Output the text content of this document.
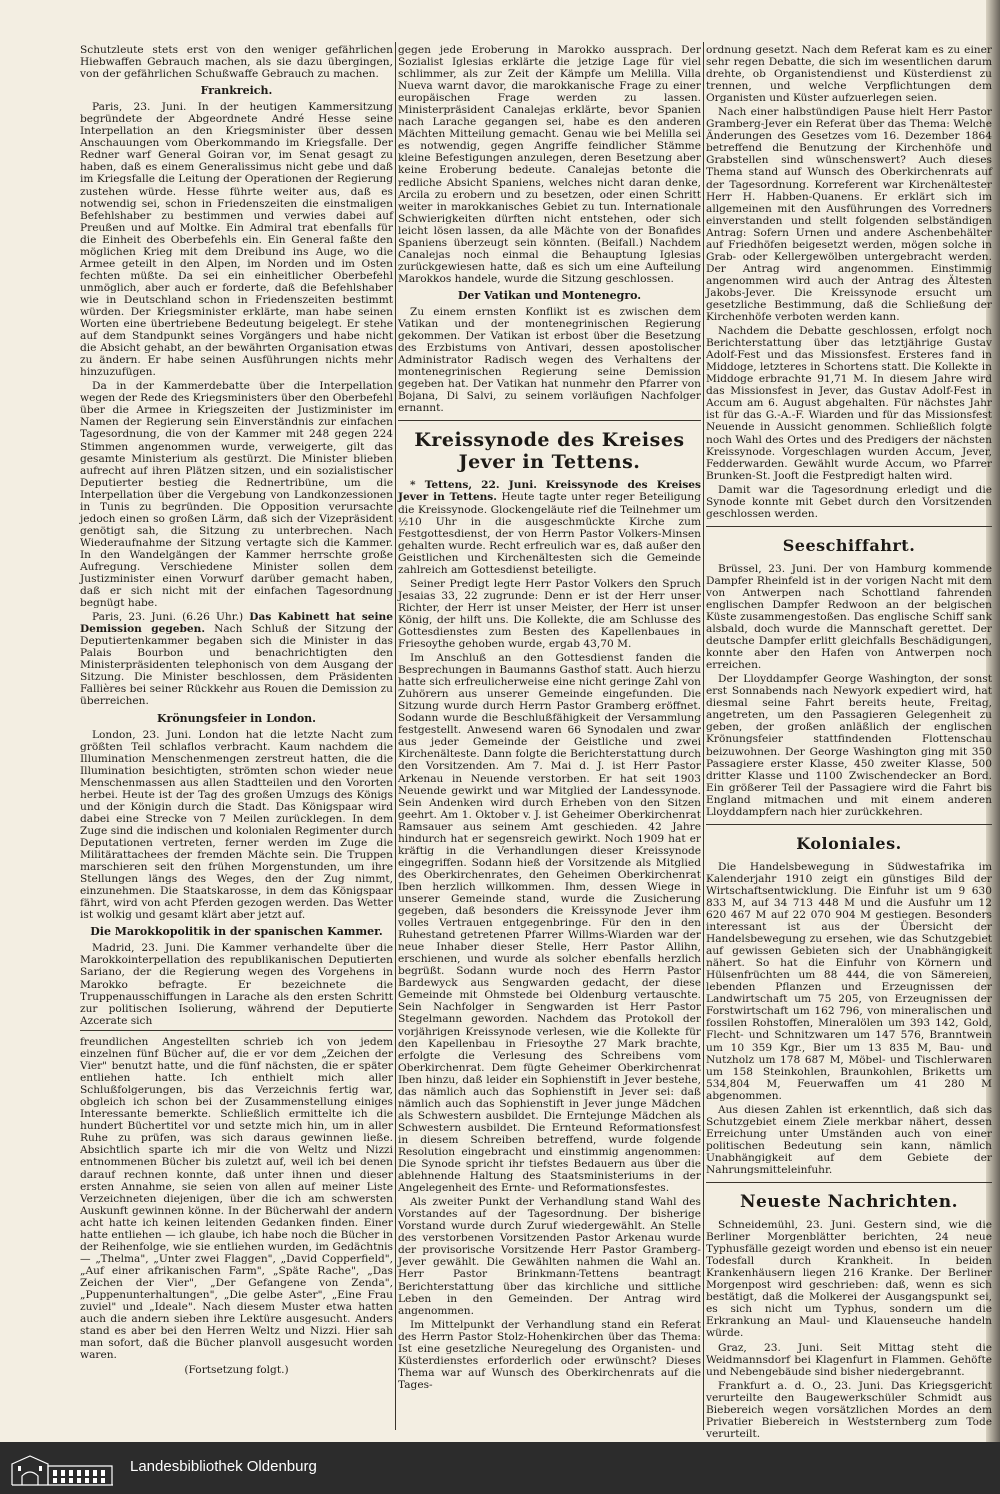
Schutzleute stets erst von den weniger gefährlichen Hiebwaffen Gebrauch machen, als sie dazu übergingen, von der gefährlichen Schußwaffe Gebrauch zu machen.

Frankreich.

Paris, 23. Juni. In der heutigen Kammersitzung begründete der Abgeordnete André Hesse seine Interpellation an den Kriegsminister über dessen Anschauungen vom Oberkommando im Kriegsfalle. Der Redner warf General Goiran vor, im Senat gesagt zu haben, daß es einem Generalissimus nicht gebe und daß im Kriegsfalle die Leitung der Operationen der Regierung zustehen würde. Hesse führte weiter aus, daß es notwendig sei, schon in Friedenszeiten die einstmaligen Befehlshaber zu bestimmen und verwies dabei auf Preußen und auf Moltke. Ein Admiral trat ebenfalls für die Einheit des Oberbefehls ein. Ein General faßte den möglichen Krieg mit dem Dreibund ins Auge, wo die Armee geteilt in den Alpen, im Norden und im Osten fechten müßte. Da sei ein einheitlicher Oberbefehl unmöglich, aber auch er forderte, daß die Befehlshaber wie in Deutschland schon in Friedenszeiten bestimmt würden. Der Kriegsminister erklärte, man habe seinen Worten eine übertriebene Bedeutung beigelegt. Er stehe auf dem Standpunkt seines Vorgängers und habe nicht die Absicht gehabt, an der bewährten Organisation etwas zu ändern. Er habe seinen Ausführungen nichts mehr hinzuzufügen.

Da in der Kammerdebatte über die Interpellation wegen der Rede des Kriegsministers über den Oberbefehl über die Armee in Kriegszeiten der Justizminister im Namen der Regierung sein Einverständnis zur einfachen Tagesordnung, die von der Kammer mit 248 gegen 224 Stimmen angenommen wurde, verweigerte, gilt das gesamte Ministerium als gestürzt. Die Minister blieben aufrecht auf ihren Plätzen sitzen, und ein sozialistischer Deputierter bestieg die Rednertribüne, um die Interpellation über die Vergebung von Landkonzessionen in Tunis zu begründen. Die Opposition verursachte jedoch einen so großen Lärm, daß sich der Vizepräsident genötigt sah, die Sitzung zu unterbrechen. Nach Wiederaufnahme der Sitzung vertagte sich die Kammer. In den Wandelgängen der Kammer herrschte große Aufregung. Verschiedene Minister sollen dem Justizminister einen Vorwurf darüber gemacht haben, daß er sich nicht mit der einfachen Tagesordnung begnügt habe.

Paris, 23. Juni. (6.26 Uhr.) Das Kabinett hat seine Demission gegeben. Nach Schluß der Sitzung der Deputiertenkammer begaben sich die Minister in das Palais Bourbon und benachrichtigten den Ministerpräsidenten telephonisch von dem Ausgang der Sitzung. Die Minister beschlossen, dem Präsidenten Fallières bei seiner Rückkehr aus Rouen die Demission zu überreichen.

Krönungsfeier in London.

London, 23. Juni. London hat die letzte Nacht zum größten Teil schlaflos verbracht. Kaum nachdem die Illumination Menschenmengen zerstreut hatten, die die Illumination besichtigten, strömten schon wieder neue Menschenmassen aus allen Stadtteilen und den Vororten herbei. Heute ist der Tag des großen Umzugs des Königs und der Königin durch die Stadt. Das Königspaar wird dabei eine Strecke von 7 Meilen zurücklegen. In dem Zuge sind die indischen und kolonialen Regimenter durch Deputationen vertreten, ferner werden im Zuge die Militärattachees der fremden Mächte sein. Die Truppen marschieren seit den frühen Morgenstunden, um ihre Stellungen längs des Weges, den der Zug nimmt, einzunehmen. Die Staatskarosse, in dem das Königspaar fährt, wird von acht Pferden gezogen werden. Das Wetter ist wolkig und gesamt klärt aber jetzt auf.

Die Marokkopolitik in der spanischen Kammer.

Madrid, 23. Juni. Die Kammer verhandelte über die Marokkointerpellation des republikanischen Deputierten Sariano, der die Regierung wegen des Vorgehens in Marokko befragte. Er bezeichnete die Truppenausschiffungen in Larache als den ersten Schritt zur politischen Isolierung, während der Deputierte Azcerate sich

freundlichen Angestellten schrieb ich von jedem einzelnen fünf Bücher auf, die er vor dem „Zeichen der Vier" benutzt hatte, und die fünf nächsten, die er später entliehen hatte. Ich enthielt mich aller Schlußfolgerungen, bis das Verzeichnis fertig war, obgleich ich schon bei der Zusammenstellung einiges Interessante bemerkte. Schließlich ermittelte ich die hundert Büchertitel vor und setzte mich hin, um in aller Ruhe zu prüfen, was sich daraus gewinnen ließe. Absichtlich sparte ich mir die von Weltz und Nizzi entnommenen Bücher bis zuletzt auf, weil ich bei denen darauf rechnen konnte, daß unter ihnen und dieser ersten Annahme, sie seien von allen auf meiner Liste Verzeichneten diejenigen, über die ich am schwersten Auskunft gewinnen könne. In der Bücherwahl der andern acht hatte ich keinen leitenden Gedanken finden. Einer hatte entliehen — ich glaube, ich habe noch die Bücher in der Reihenfolge, wie sie entliehen wurden, im Gedächtnis — „Thelma", „Unter zwei Flaggen", „David Copperfield", „Auf einer afrikanischen Farm", „Späte Rache", „Das Zeichen der Vier", „Der Gefangene von Zenda", „Puppenunterhaltungen", „Die gelbe Aster", „Eine Frau zuviel" und „Ideale". Nach diesem Muster etwa hatten auch die andern sieben ihre Lektüre ausgesucht. Anders stand es aber bei den Herren Weltz und Nizzi. Hier sah man sofort, daß die Bücher planvoll ausgesucht worden waren.

(Fortsetzung folgt.)

gegen jede Eroberung in Marokko aussprach. Der Sozialist Iglesias erklärte die jetzige Lage für viel schlimmer, als zur Zeit der Kämpfe um Melilla. Villa Nueva warnt davor, die marokkanische Frage zu einer europäischen Frage werden zu lassen. Ministerpräsident Canalejas erklärte, bevor Spanien nach Larache gegangen sei, habe es den anderen Mächten Mitteilung gemacht. Genau wie bei Melilla sei es notwendig, gegen Angriffe feindlicher Stämme kleine Befestigungen anzulegen, deren Besetzung aber keine Eroberung bedeute. Canalejas betonte die redliche Absicht Spaniens, welches nicht daran denke, Arcila zu erobern und zu besetzen, oder einen Schritt weiter in marokkanisches Gebiet zu tun. Internationale Schwierigkeiten dürften nicht entstehen, oder sich leicht lösen lassen, da alle Mächte von der Bonafides Spaniens überzeugt sein könnten. (Beifall.) Nachdem Canalejas noch einmal die Behauptung Iglesias zurückgewiesen hatte, daß es sich um eine Aufteilung Marokkos handele, wurde die Sitzung geschlossen.

Der Vatikan und Montenegro.

Zu einem ernsten Konflikt ist es zwischen dem Vatikan und der montenegrinischen Regierung gekommen. Der Vatikan ist erbost über die Besetzung des Erzbistums von Antivari, dessen apostolischer Administrator Radisch wegen des Verhaltens der montenegrinischen Regierung seine Demission gegeben hat. Der Vatikan hat nunmehr den Pfarrer von Bojana, Di Salvi, zu seinem vorläufigen Nachfolger ernannt.

Kreissynode des Kreises Jever in Tettens.

* Tettens, 22. Juni. Kreissynode des Kreises Jever in Tettens. Heute tagte unter reger Beteiligung die Kreissynode. Glockengeläute rief die Teilnehmer um ½10 Uhr in die ausgeschmückte Kirche zum Festgottesdienst, der von Herrn Pastor Volkers-Minsen gehalten wurde. Recht erfreulich war es, daß außer den Geistlichen und Kirchenältesten sich die Gemeinde zahlreich am Gottesdienst beteiligte.

Seiner Predigt legte Herr Pastor Volkers den Spruch Jesaias 33, 22 zugrunde: Denn er ist der Herr unser Richter, der Herr ist unser Meister, der Herr ist unser König, der hilft uns. Die Kollekte, die am Schlusse des Gottesdienstes zum Besten des Kapellenbaues in Friesoythe gehoben wurde, ergab 43,70 M.

Im Anschluß an den Gottesdienst fanden die Besprechungen in Baumanns Gasthof statt. Auch hierzu hatte sich erfreulicherweise eine nicht geringe Zahl von Zuhörern aus unserer Gemeinde eingefunden. Die Sitzung wurde durch Herrn Pastor Gramberg eröffnet. Sodann wurde die Beschlußfähigkeit der Versammlung festgestellt. Anwesend waren 66 Synodalen und zwar aus jeder Gemeinde der Geistliche und zwei Kirchenälteste. Dann folgte die Berichterstattung durch den Vorsitzenden. Am 7. Mai d. J. ist Herr Pastor Arkenau in Neuende verstorben. Er hat seit 1903 Neuende gewirkt und war Mitglied der Landessynode. Sein Andenken wird durch Erheben von den Sitzen geehrt. Am 1. Oktober v. J. ist Geheimer Oberkirchenrat Ramsauer aus seinem Amt geschieden. 42 Jahre hindurch hat er segensreich gewirkt. Noch 1909 hat er kräftig in die Verhandlungen dieser Kreissynode eingegriffen. Sodann hieß der Vorsitzende als Mitglied des Oberkirchenrates, den Geheimen Oberkirchenrat Iben herzlich willkommen. Ihm, dessen Wiege in unserer Gemeinde stand, wurde die Zusicherung gegeben, daß besonders die Kreissynode Jever ihm volles Vertrauen entgegenbringe. Für den in den Ruhestand getretenen Pfarrer Willms-Wiarden war der neue Inhaber dieser Stelle, Herr Pastor Allihn, erschienen, und wurde als solcher ebenfalls herzlich begrüßt. Sodann wurde noch des Herrn Pastor Bardewyck aus Sengwarden gedacht, der diese Gemeinde mit Ohmstede bei Oldenburg vertauschte. Sein Nachfolger in Sengwarden ist Herr Pastor Stegelmann geworden. Nachdem das Protokoll der vorjährigen Kreissynode verlesen, wie die Kollekte für den Kapellenbau in Friesoythe 27 Mark brachte, erfolgte die Verlesung des Schreibens vom Oberkirchenrat. Dem fügte Geheimer Oberkirchenrat Iben hinzu, daß leider ein Sophienstift in Jever bestehe, das nämlich auch das Sophienstift in Jever sei: daß nämlich auch das Sophienstift in Jever junge Mädchen als Schwestern ausbildet. Die Erntejunge Mädchen als Schwestern ausbildet. Die Ernteund Reformationsfest in diesem Schreiben betreffend, wurde folgende Resolution eingebracht und einstimmig angenommen: Die Synode spricht ihr tiefstes Bedauern aus über die ablehnende Haltung des Staatsministeriums in der Angelegenheit des Ernte- und Reformationsfestes.

Als zweiter Punkt der Verhandlung stand Wahl des Vorstandes auf der Tagesordnung. Der bisherige Vorstand wurde durch Zuruf wiedergewählt. An Stelle des verstorbenen Vorsitzenden Pastor Arkenau wurde der provisorische Vorsitzende Herr Pastor Gramberg-Jever gewählt. Die Gewählten nahmen die Wahl an. Herr Pastor Brinkmann-Tettens beantragt Berichterstattung über das kirchliche und sittliche Leben in den Gemeinden. Der Antrag wird angenommen.

Im Mittelpunkt der Verhandlung stand ein Referat des Herrn Pastor Stolz-Hohenkirchen über das Thema: Ist eine gesetzliche Neuregelung des Organisten- und Küsterdienstes erforderlich oder erwünscht? Dieses Thema war auf Wunsch des Oberkirchenrats auf die Tages-

ordnung gesetzt. Nach dem Referat kam es zu einer sehr regen Debatte, die sich im wesentlichen darum drehte, ob Organistendienst und Küsterdienst zu trennen, und welche Verpflichtungen dem Organisten und Küster aufzuerlegen seien.

Nach einer halbstündigen Pause hielt Herr Pastor Gramberg-Jever ein Referat über das Thema: Welche Änderungen des Gesetzes vom 16. Dezember 1864 betreffend die Benutzung der Kirchenhöfe und Grabstellen sind wünschenswert? Auch dieses Thema stand auf Wunsch des Oberkirchenrats auf der Tagesordnung. Korreferent war Kirchenältester Herr H. Habben-Quanens. Er erklärt sich im allgemeinen mit den Ausführungen des Vorredners einverstanden und stellt folgenden selbständigen Antrag: Sofern Urnen und andere Aschenbehälter auf Friedhöfen beigesetzt werden, mögen solche in Grab- oder Kellergewölben untergebracht werden. Der Antrag wird angenommen. Einstimmig angenommen wird auch der Antrag des Ältesten Jakobs-Jever. Die Kreissynode ersucht um gesetzliche Bestimmung, daß die Schließung der Kirchenhöfe verboten werden kann.

Nachdem die Debatte geschlossen, erfolgt noch Berichterstattung über das letztjährige Gustav Adolf-Fest und das Missionsfest. Ersteres fand in Middoge, letzteres in Schortens statt. Die Kollekte in Middoge erbrachte 91,71 M. In diesem Jahre wird das Missionsfest in Jever, das Gustav Adolf-Fest in Accum am 6. August abgehalten. Für nächstes Jahr ist für das G.-A.-F. Wiarden und für das Missionsfest Neuende in Aussicht genommen. Schließlich folgte noch Wahl des Ortes und des Predigers der nächsten Kreissynode. Vorgeschlagen wurden Accum, Jever, Fedderwarden. Gewählt wurde Accum, wo Pfarrer Brunken-St. Jooft die Festpredigt halten wird.

Damit war die Tagesordnung erledigt und die Synode konnte mit Gebet durch den Vorsitzenden geschlossen werden.

Seeschiffahrt.

Brüssel, 23. Juni. Der von Hamburg kommende Dampfer Rheinfeld ist in der vorigen Nacht mit dem von Antwerpen nach Schottland fahrenden englischen Dampfer Redwoon an der belgischen Küste zusammengestoßen. Das englische Schiff sank alsbald, doch wurde die Mannschaft gerettet. Der deutsche Dampfer erlitt gleichfalls Beschädigungen, konnte aber den Hafen von Antwerpen noch erreichen.

Der Lloyddampfer George Washington, der sonst erst Sonnabends nach Newyork expediert wird, hat diesmal seine Fahrt bereits heute, Freitag, angetreten, um den Passagieren Gelegenheit zu geben, der großen anläßlich der englischen Krönungsfeier stattfindenden Flottenschau beizuwohnen. Der George Washington ging mit 350 Passagiere erster Klasse, 450 zweiter Klasse, 500 dritter Klasse und 1100 Zwischendecker an Bord. Ein größerer Teil der Passagiere wird die Fahrt bis England mitmachen und mit einem anderen Lloyddampfern nach hier zurückkehren.

Koloniales.

Die Handelsbewegung in Südwestafrika im Kalenderjahr 1910 zeigt ein günstiges Bild der Wirtschaftsentwicklung. Die Einfuhr ist um 9 630 833 M, auf 34 713 448 M und die Ausfuhr um 12 620 467 M auf 22 070 904 M gestiegen. Besonders interessant ist aus der Übersicht der Handelsbewegung zu ersehen, wie das Schutzgebiet auf gewissen Gebieten sich der Unabhängigkeit nähert. So hat die Einfuhr von Körnern und Hülsenfrüchten um 88 444, die von Sämereien, lebenden Pflanzen und Erzeugnissen der Landwirtschaft um 75 205, von Erzeugnissen der Forstwirtschaft um 162 796, von mineralischen und fossilen Rohstoffen, Mineralölen um 393 142, Gold, Flecht- und Schnitzwaren um 147 576, Branntwein um 10 359 Kgr., Bier um 13 835 M, Bau- und Nutzholz um 178 687 M, Möbel- und Tischlerwaren um 158 Steinkohlen, Braunkohlen, Briketts um 534,804 M, Feuerwaffen um 41 280 M abgenommen.

Aus diesen Zahlen ist erkenntlich, daß sich das Schutzgebiet einem Ziele merkbar nähert, dessen Erreichung unter Umständen auch von einer politischen Bedeutung sein kann, nämlich Unabhängigkeit auf dem Gebiete der Nahrungsmitteleinfuhr.

Neueste Nachrichten.

Schneidemühl, 23. Juni. Gestern sind, wie die Berliner Morgenblätter berichten, 24 neue Typhusfälle gezeigt worden und ebenso ist ein neuer Todesfall durch Krankheit. In beiden Krankenhäusern liegen 216 Kranke. Der Berliner Morgenpost wird geschrieben: daß, wenn es sich bestätigt, daß die Molkerei der Ausgangspunkt sei, es sich nicht um Typhus, sondern um die Erkrankung an Maul- und Klauenseuche handeln würde.

Graz, 23. Juni. Seit Mittag steht die Weidmannsdorf bei Klagenfurt in Flammen. Gehöfte und Nebengebäude sind bisher niedergebrannt.

Frankfurt a. d. O., 23. Juni. Das Kriegsgericht verurteilte den Baugewerkschüler Schmidt aus Biebereich wegen vorsätzlichen Mordes an dem Privatier Biebereich in Weststernberg zum Tode verurteilt.

Landesbibliothek Oldenburg
